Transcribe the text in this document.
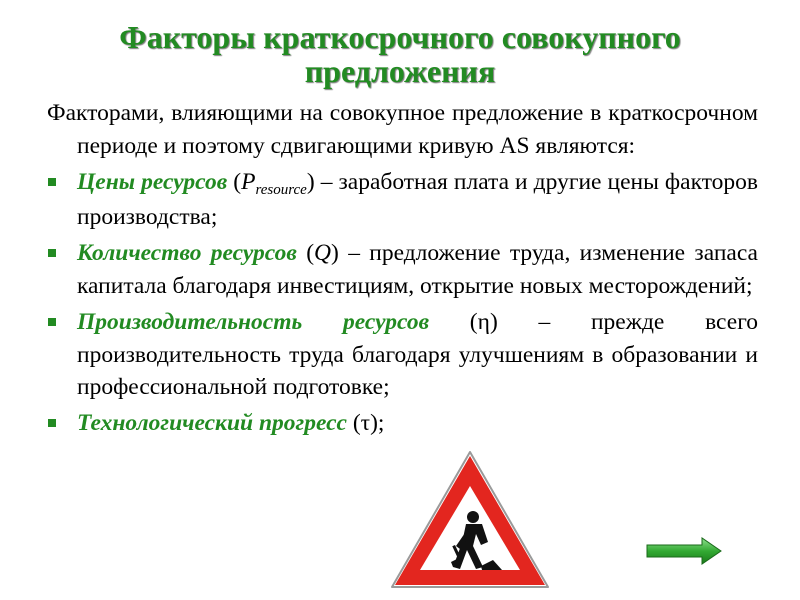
Факторы краткосрочного совокупного предложения

Факторами, влияющими на совокупное предложение в краткосрочном периоде и поэтому сдвигающими кривую AS являются:

Цены ресурсов $(P_{resource})$ – заработная плата и другие цены факторов производства;
Количество ресурсов (Q) – предложение труда, изменение запаса капитала благодаря инвестициям, открытие новых месторождений;
Производительность ресурсов (η) – прежде всего производительность труда благодаря улучшениям в образовании и профессиональной подготовке;
Технологический прогресс (τ);
